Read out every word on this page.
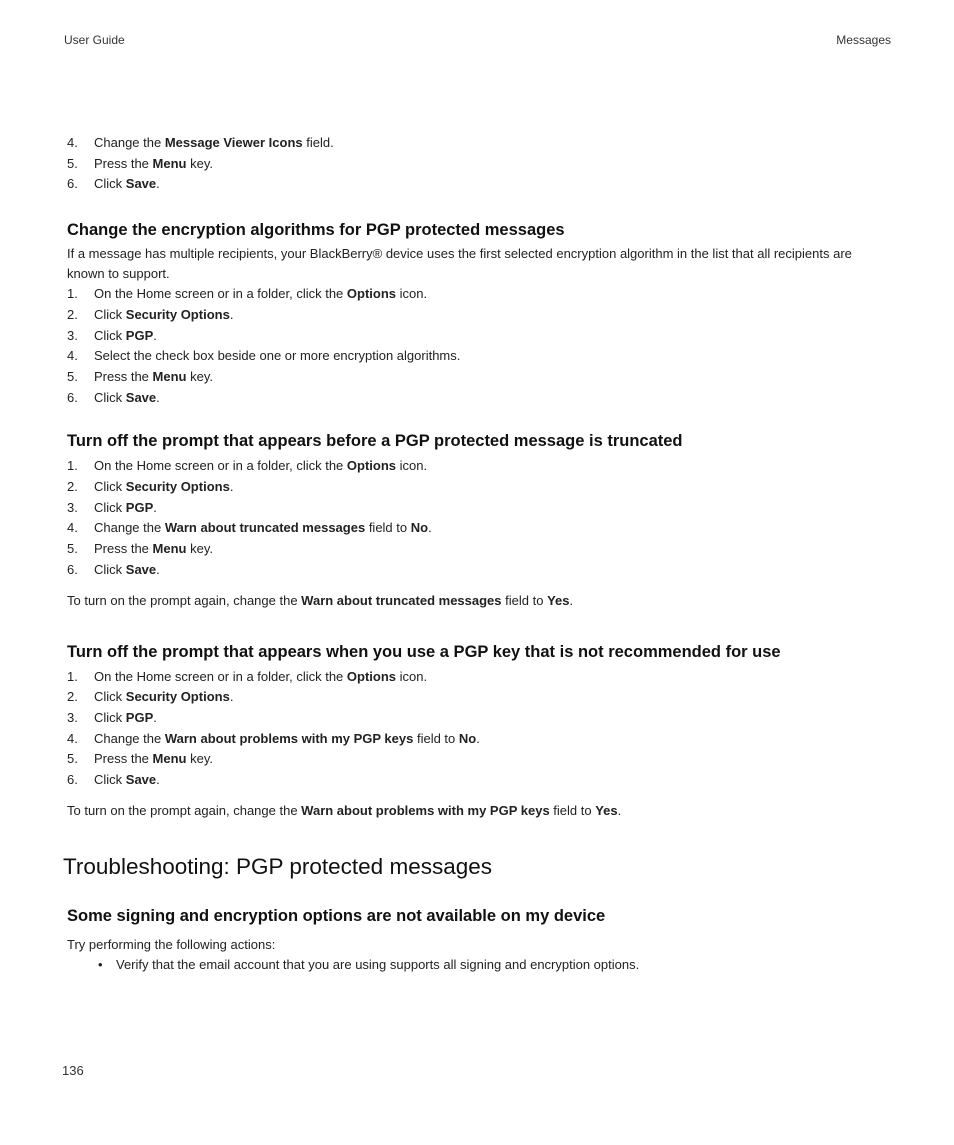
User Guide	Messages
4. Change the Message Viewer Icons field.
5. Press the Menu key.
6. Click Save.
Change the encryption algorithms for PGP protected messages

If a message has multiple recipients, your BlackBerry® device uses the first selected encryption algorithm in the list that all recipients are known to support.

1. On the Home screen or in a folder, click the Options icon.
2. Click Security Options.
3. Click PGP.
4. Select the check box beside one or more encryption algorithms.
5. Press the Menu key.
6. Click Save.
Turn off the prompt that appears before a PGP protected message is truncated
1. On the Home screen or in a folder, click the Options icon.
2. Click Security Options.
3. Click PGP.
4. Change the Warn about truncated messages field to No.
5. Press the Menu key.
6. Click Save.

To turn on the prompt again, change the Warn about truncated messages field to Yes.

Turn off the prompt that appears when you use a PGP key that is not recommended for use
1. On the Home screen or in a folder, click the Options icon.
2. Click Security Options.
3. Click PGP.
4. Change the Warn about problems with my PGP keys field to No.
5. Press the Menu key.
6. Click Save.

To turn on the prompt again, change the Warn about problems with my PGP keys field to Yes.

Troubleshooting: PGP protected messages
Some signing and encryption options are not available on my device

Try performing the following actions:

• Verify that the email account that you are using supports all signing and encryption options.
136
